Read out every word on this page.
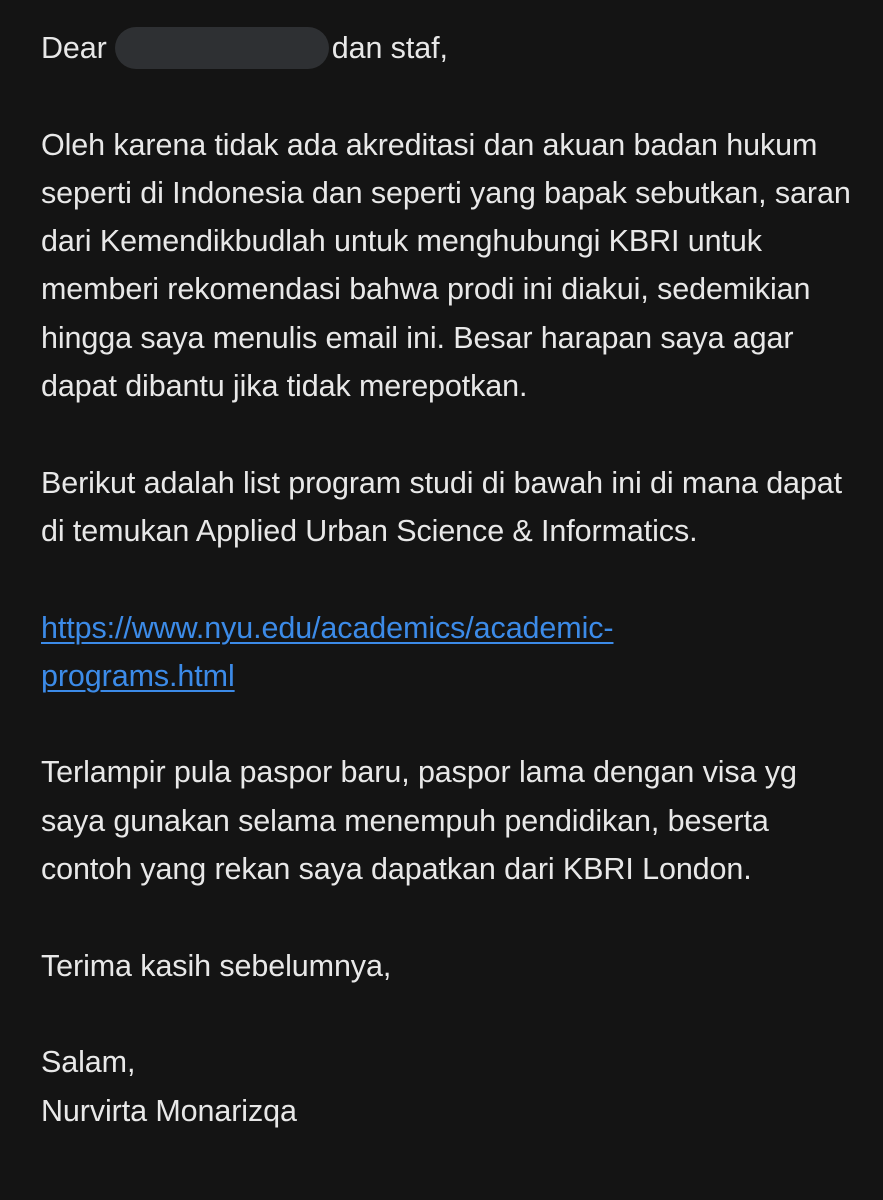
Dear	dan staf,

Oleh karena tidak ada akreditasi dan akuan badan hukum seperti di Indonesia dan seperti yang bapak sebutkan, saran dari Kemendikbudlah untuk menghubungi KBRI untuk memberi rekomendasi bahwa prodi ini diakui, sedemikian hingga saya menulis email ini. Besar harapan saya agar dapat dibantu jika tidak merepotkan.

Berikut adalah list program studi di bawah ini di mana dapat di temukan Applied Urban Science & Informatics.

https://www.nyu.edu/academics/academic-
programs.html

Terlampir pula paspor baru, paspor lama dengan visa yg saya gunakan selama menempuh pendidikan, beserta contoh yang rekan saya dapatkan dari KBRI London.

Terima kasih sebelumnya,

Salam,
Nurvirta Monarizqa
